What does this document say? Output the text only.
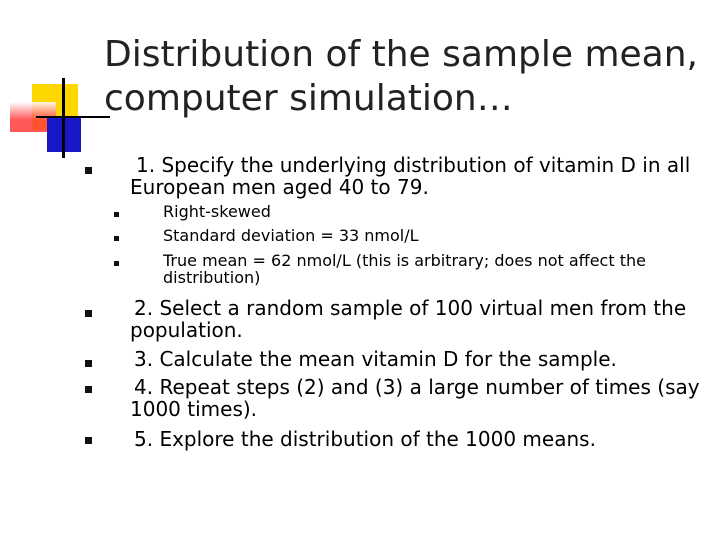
Distribution of the sample mean, computer simulation…

1. Specify the underlying distribution of vitamin D in all European men aged 40 to 79.

Right-skewed

Standard deviation = 33 nmol/L

True mean = 62 nmol/L (this is arbitrary; does not affect the distribution)

2. Select a random sample of 100 virtual men from the population.

3. Calculate the mean vitamin D for the sample.

4. Repeat steps (2) and (3) a large number of times (say 1000 times).

5. Explore the distribution of the 1000 means.
